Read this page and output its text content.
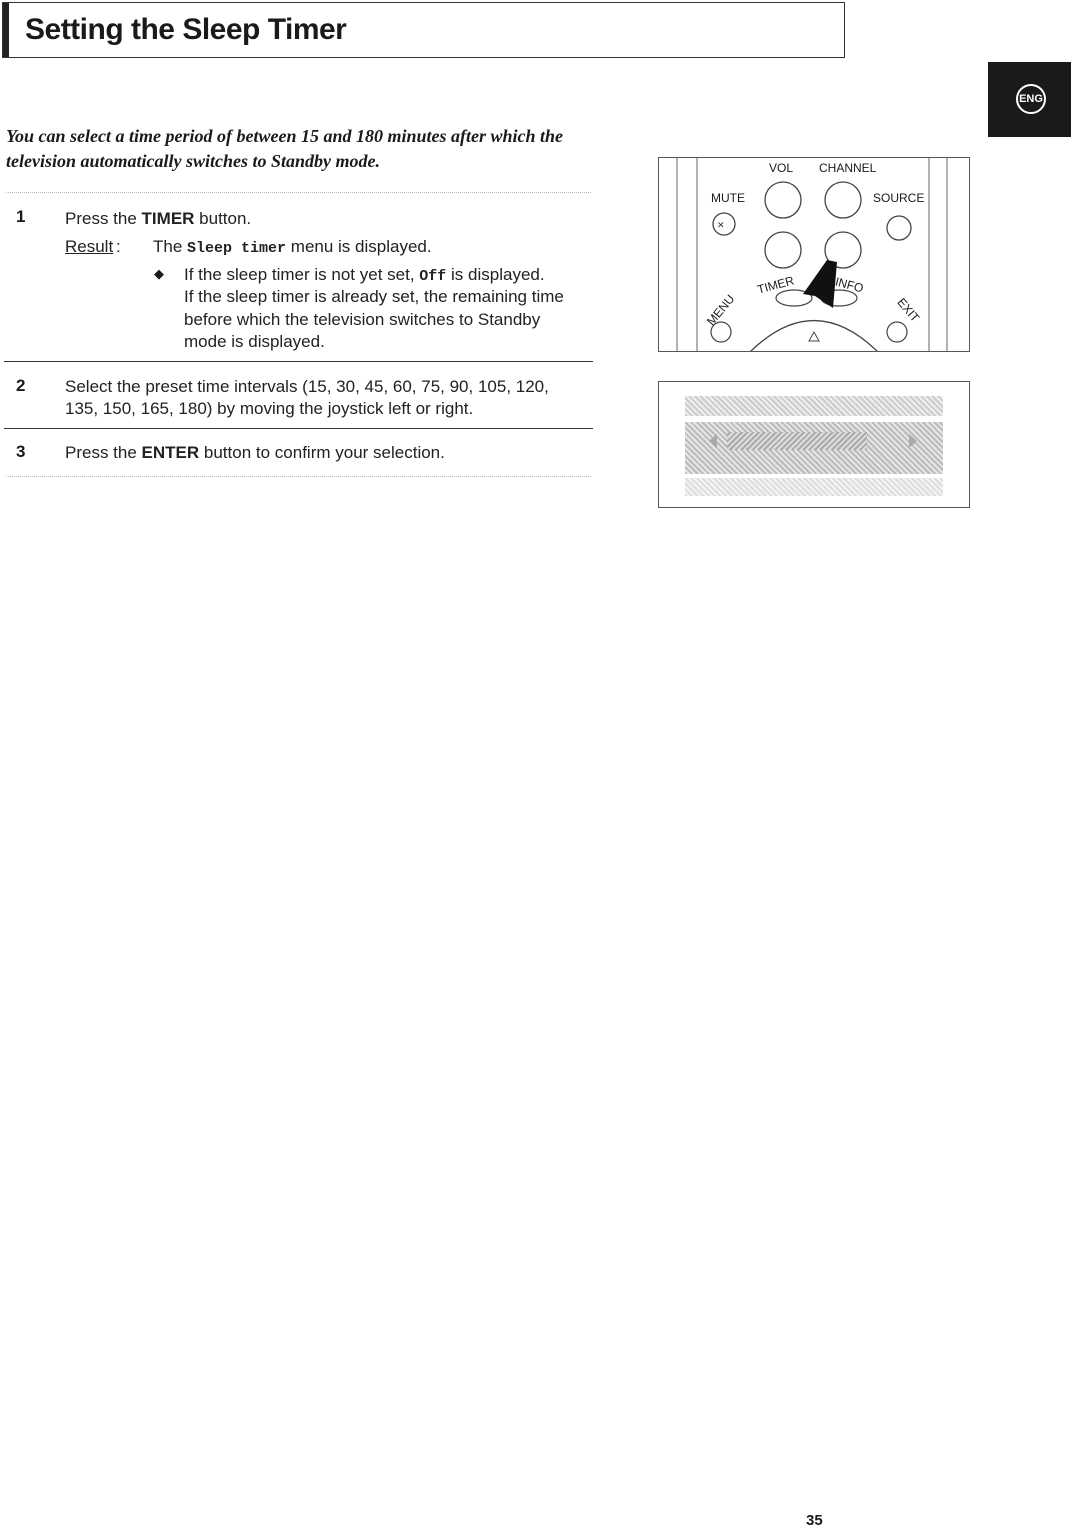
Setting the Sleep Timer
ENG
You can select a time period of between 15 and 180 minutes after which the television automatically switches to Standby mode.
1 Press the TIMER button.
Result : The Sleep timer menu is displayed.
◆ If the sleep timer is not yet set, Off is displayed.
If the sleep timer is already set, the remaining time
before which the television switches to Standby
mode is displayed.
2 Select the preset time intervals (15, 30, 45, 60, 75, 90, 105, 120,
135, 150, 165, 180) by moving the joystick left or right.
3 Press the ENTER button to confirm your selection.
✕
VOL CHANNEL
MUTE	SOURCE
TIMER	INFO
MENU	EXIT
35
